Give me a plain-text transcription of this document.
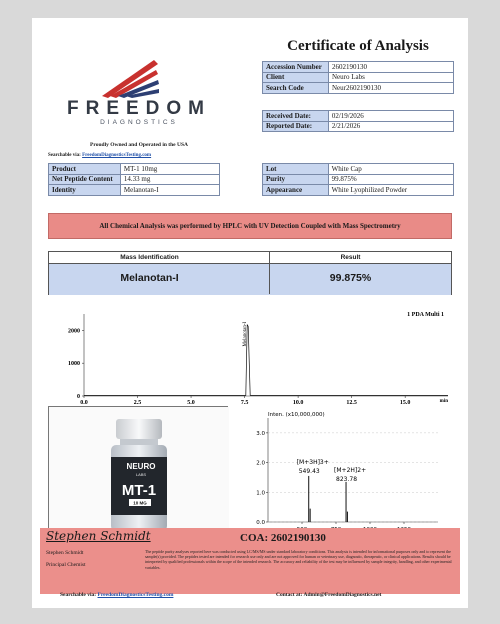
FREEDOM
DIAGNOSTICS
Proudly Owned and Operated in the USA
Searchable via: FreedomDiagnosticsTesting.com
Certificate of Analysis
Accession Number	2602190130
Client	Neuro Labs
Search Code	Neur2602190130
Received Date:	02/19/2026
Reported Date:	2/21/2026
Product	MT-1 10mg
Net Peptide Content	14.33 mg
Identity	Melanotan-I
Lot	White Cap
Purity	99.875%
Appearance	White Lyophilized Powder
All Chemical Analysis was performed by HPLC with UV Detection Coupled with Mass Spectrometry
Mass Identification	Result
Melanotan-I	99.875%
1 PDA Multi 1
2000
1000
0
0.0	2.5	5.0	7.5	10.0	12.5	15.0
Melanotan-I
min
NEURO
LABS
MT-1
10 MG
Inten. (x10,000,000)
3.0
2.0
1.0
0.0
[M+3H]3+
549.43 [M+2H]2+
823.78
Stephen Schmidt	COA: 2602190130
Stephen Schmidt
Principal Chemist
The peptide purity analyses reported here was conducted using LC/MS/MS under standard laboratory conditions. This analysis is intended for informational purposes only and to represent the sample(s) provided. The peptides tested are intended for research use only and are not approved for human or veterinary use, diagnostic, therapeutic, or clinical applications. Results should be interpreted by qualified professionals within the scope of the intended research. The accuracy and reliability of the test may be influenced by sample integrity, handling, and other experimental variables.
Searchable via: FreedomDiagnosticsTesting.com	Contact at: Admin@FreedomDiagnostics.net
